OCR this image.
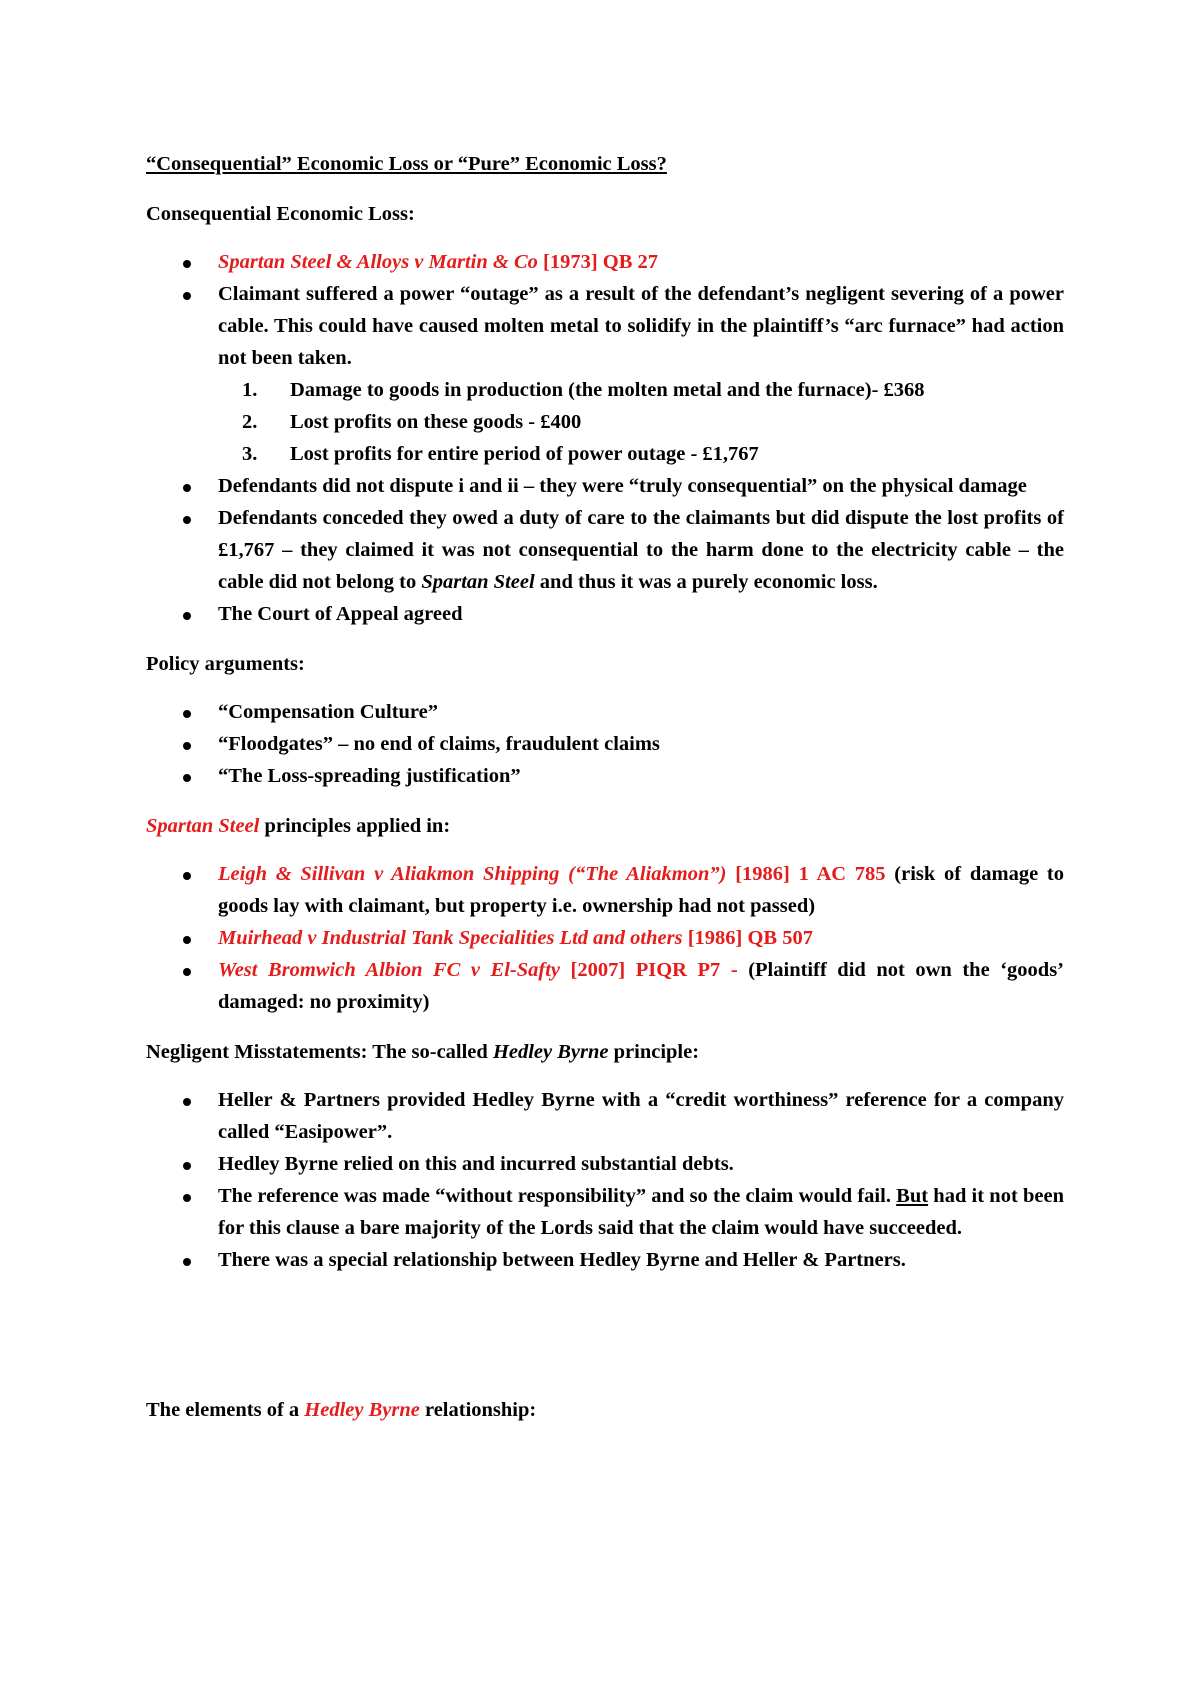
“Consequential” Economic Loss or “Pure” Economic Loss?

Consequential Economic Loss:

Spartan Steel & Alloys v Martin & Co [1973] QB 27
Claimant suffered a power “outage” as a result of the defendant’s negligent severing of a power cable. This could have caused molten metal to solidify in the plaintiff’s “arc furnace” had action not been taken.
1. Damage to goods in production (the molten metal and the furnace)- £368
2. Lost profits on these goods - £400
3. Lost profits for entire period of power outage - £1,767
Defendants did not dispute i and ii – they were “truly consequential” on the physical damage
Defendants conceded they owed a duty of care to the claimants but did dispute the lost profits of £1,767 – they claimed it was not consequential to the harm done to the electricity cable – the cable did not belong to Spartan Steel and thus it was a purely economic loss.
The Court of Appeal agreed

Policy arguments:

“Compensation Culture”
“Floodgates” – no end of claims, fraudulent claims
“The Loss-spreading justification”

Spartan Steel principles applied in:

Leigh & Sillivan v Aliakmon Shipping (“The Aliakmon”) [1986] 1 AC 785 (risk of damage to goods lay with claimant, but property i.e. ownership had not passed)
Muirhead v Industrial Tank Specialities Ltd and others [1986] QB 507
West Bromwich Albion FC v El-Safty [2007] PIQR P7 - (Plaintiff did not own the ‘goods’ damaged: no proximity)

Negligent Misstatements: The so-called Hedley Byrne principle:

Heller & Partners provided Hedley Byrne with a “credit worthiness” reference for a company called “Easipower”.
Hedley Byrne relied on this and incurred substantial debts.
The reference was made “without responsibility” and so the claim would fail. But had it not been for this clause a bare majority of the Lords said that the claim would have succeeded.
There was a special relationship between Hedley Byrne and Heller & Partners.

The elements of a Hedley Byrne relationship:
